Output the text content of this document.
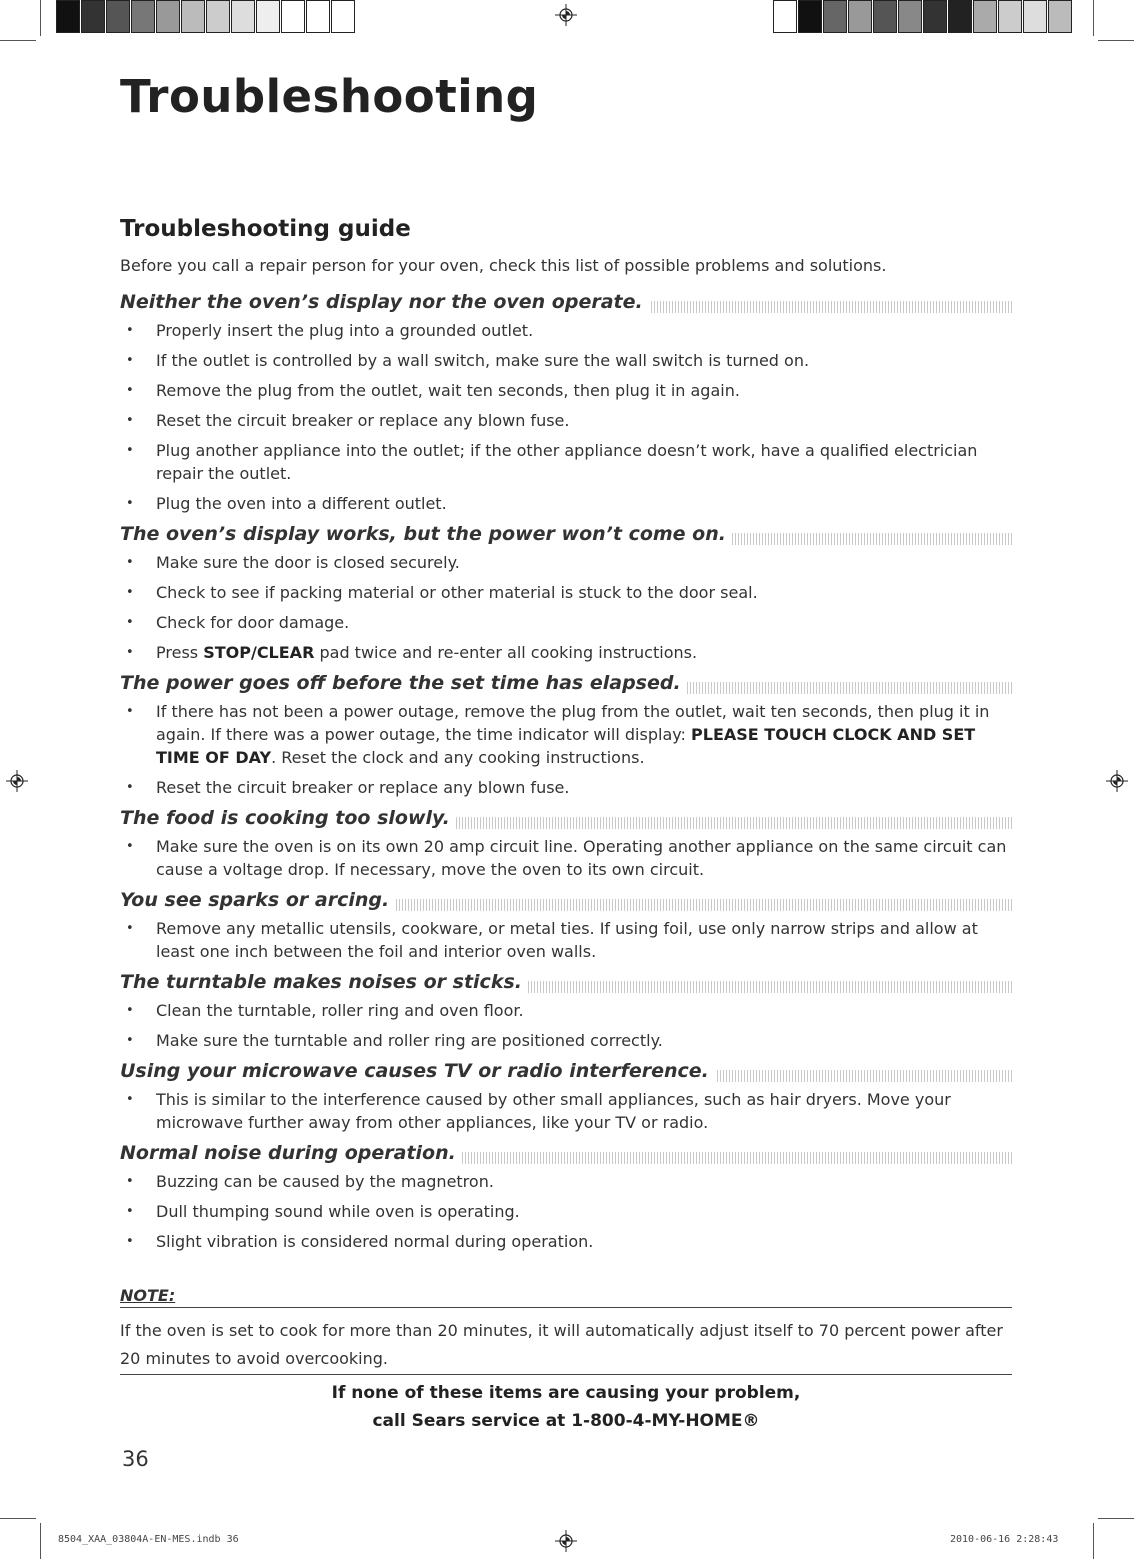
Troubleshooting
Troubleshooting guide
Before you call a repair person for your oven, check this list of possible problems and solutions.
Neither the oven’s display nor the oven operate.
• Properly insert the plug into a grounded outlet.
• If the outlet is controlled by a wall switch, make sure the wall switch is turned on.
• Remove the plug from the outlet, wait ten seconds, then plug it in again.
• Reset the circuit breaker or replace any blown fuse.
• Plug another appliance into the outlet; if the other appliance doesn’t work, have a qualified electrician repair the outlet.
• Plug the oven into a different outlet.
The oven’s display works, but the power won’t come on.
• Make sure the door is closed securely.
• Check to see if packing material or other material is stuck to the door seal.
• Check for door damage.
• Press STOP/CLEAR pad twice and re-enter all cooking instructions.
The power goes off before the set time has elapsed.
• If there has not been a power outage, remove the plug from the outlet, wait ten seconds, then plug it in again. If there was a power outage, the time indicator will display: PLEASE TOUCH CLOCK AND SET TIME OF DAY. Reset the clock and any cooking instructions.
• Reset the circuit breaker or replace any blown fuse.
The food is cooking too slowly.
• Make sure the oven is on its own 20 amp circuit line. Operating another appliance on the same circuit can cause a voltage drop. If necessary, move the oven to its own circuit.
You see sparks or arcing.
• Remove any metallic utensils, cookware, or metal ties. If using foil, use only narrow strips and allow at least one inch between the foil and interior oven walls.
The turntable makes noises or sticks.
• Clean the turntable, roller ring and oven floor.
• Make sure the turntable and roller ring are positioned correctly.
Using your microwave causes TV or radio interference.
• This is similar to the interference caused by other small appliances, such as hair dryers. Move your microwave further away from other appliances, like your TV or radio.
Normal noise during operation.
• Buzzing can be caused by the magnetron.
• Dull thumping sound while oven is operating.
• Slight vibration is considered normal during operation.
NOTE:
If the oven is set to cook for more than 20 minutes, it will automatically adjust itself to 70 percent power after 20 minutes to avoid overcooking.
If none of these items are causing your problem,
call Sears service at 1-800-4-MY-HOME®
36
8504_XAA_03804A-EN-MES.indb 36	2010-06-16 2:28:43
